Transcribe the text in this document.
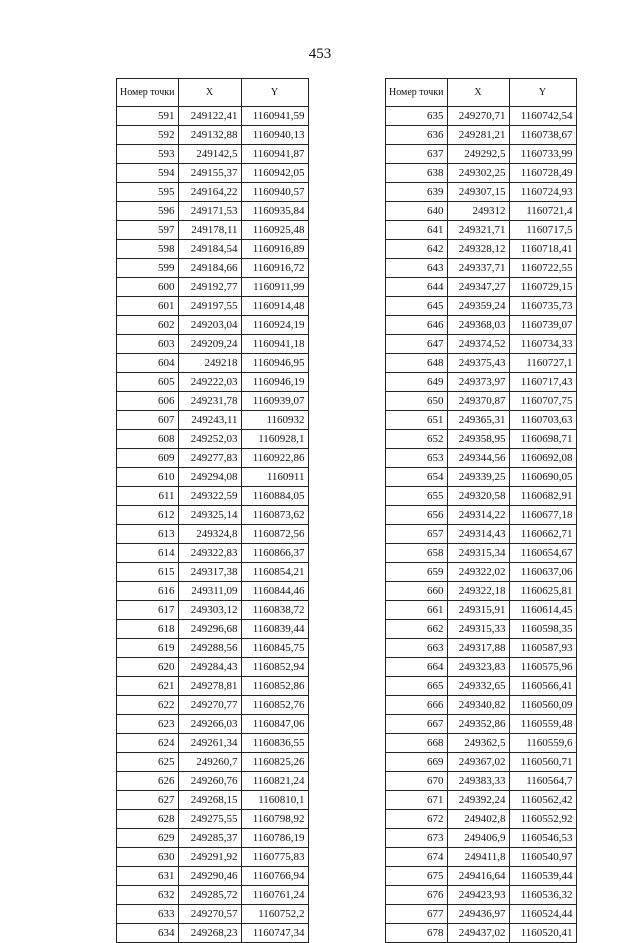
453
Номер точки	X	Y
591	249122,41	1160941,59
592	249132,88	1160940,13
593	249142,5	1160941,87
594	249155,37	1160942,05
595	249164,22	1160940,57
596	249171,53	1160935,84
597	249178,11	1160925,48
598	249184,54	1160916,89
599	249184,66	1160916,72
600	249192,77	1160911,99
601	249197,55	1160914,48
602	249203,04	1160924,19
603	249209,24	1160941,18
604	249218	1160946,95
605	249222,03	1160946,19
606	249231,78	1160939,07
607	249243,11	1160932
608	249252,03	1160928,1
609	249277,83	1160922,86
610	249294,08	1160911
611	249322,59	1160884,05
612	249325,14	1160873,62
613	249324,8	1160872,56
614	249322,83	1160866,37
615	249317,38	1160854,21
616	249311,09	1160844,46
617	249303,12	1160838,72
618	249296,68	1160839,44
619	249288,56	1160845,75
620	249284,43	1160852,94
621	249278,81	1160852,86
622	249270,77	1160852,76
623	249266,03	1160847,06
624	249261,34	1160836,55
625	249260,7	1160825,26
626	249260,76	1160821,24
627	249268,15	1160810,1
628	249275,55	1160798,92
629	249285,37	1160786,19
630	249291,92	1160775,83
631	249290,46	1160766,94
632	249285,72	1160761,24
633	249270,57	1160752,2
634	249268,23	1160747,34
Номер точки	X	Y
635	249270,71	1160742,54
636	249281,21	1160738,67
637	249292,5	1160733,99
638	249302,25	1160728,49
639	249307,15	1160724,93
640	249312	1160721,4
641	249321,71	1160717,5
642	249328,12	1160718,41
643	249337,71	1160722,55
644	249347,27	1160729,15
645	249359,24	1160735,73
646	249368,03	1160739,07
647	249374,52	1160734,33
648	249375,43	1160727,1
649	249373,97	1160717,43
650	249370,87	1160707,75
651	249365,31	1160703,63
652	249358,95	1160698,71
653	249344,56	1160692,08
654	249339,25	1160690,05
655	249320,58	1160682,91
656	249314,22	1160677,18
657	249314,43	1160662,71
658	249315,34	1160654,67
659	249322,02	1160637,06
660	249322,18	1160625,81
661	249315,91	1160614,45
662	249315,33	1160598,35
663	249317,88	1160587,93
664	249323,83	1160575,96
665	249332,65	1160566,41
666	249340,82	1160560,09
667	249352,86	1160559,48
668	249362,5	1160559,6
669	249367,02	1160560,71
670	249383,33	1160564,7
671	249392,24	1160562,42
672	249402,8	1160552,92
673	249406,9	1160546,53
674	249411,8	1160540,97
675	249416,64	1160539,44
676	249423,93	1160536,32
677	249436,97	1160524,44
678	249437,02	1160520,41
